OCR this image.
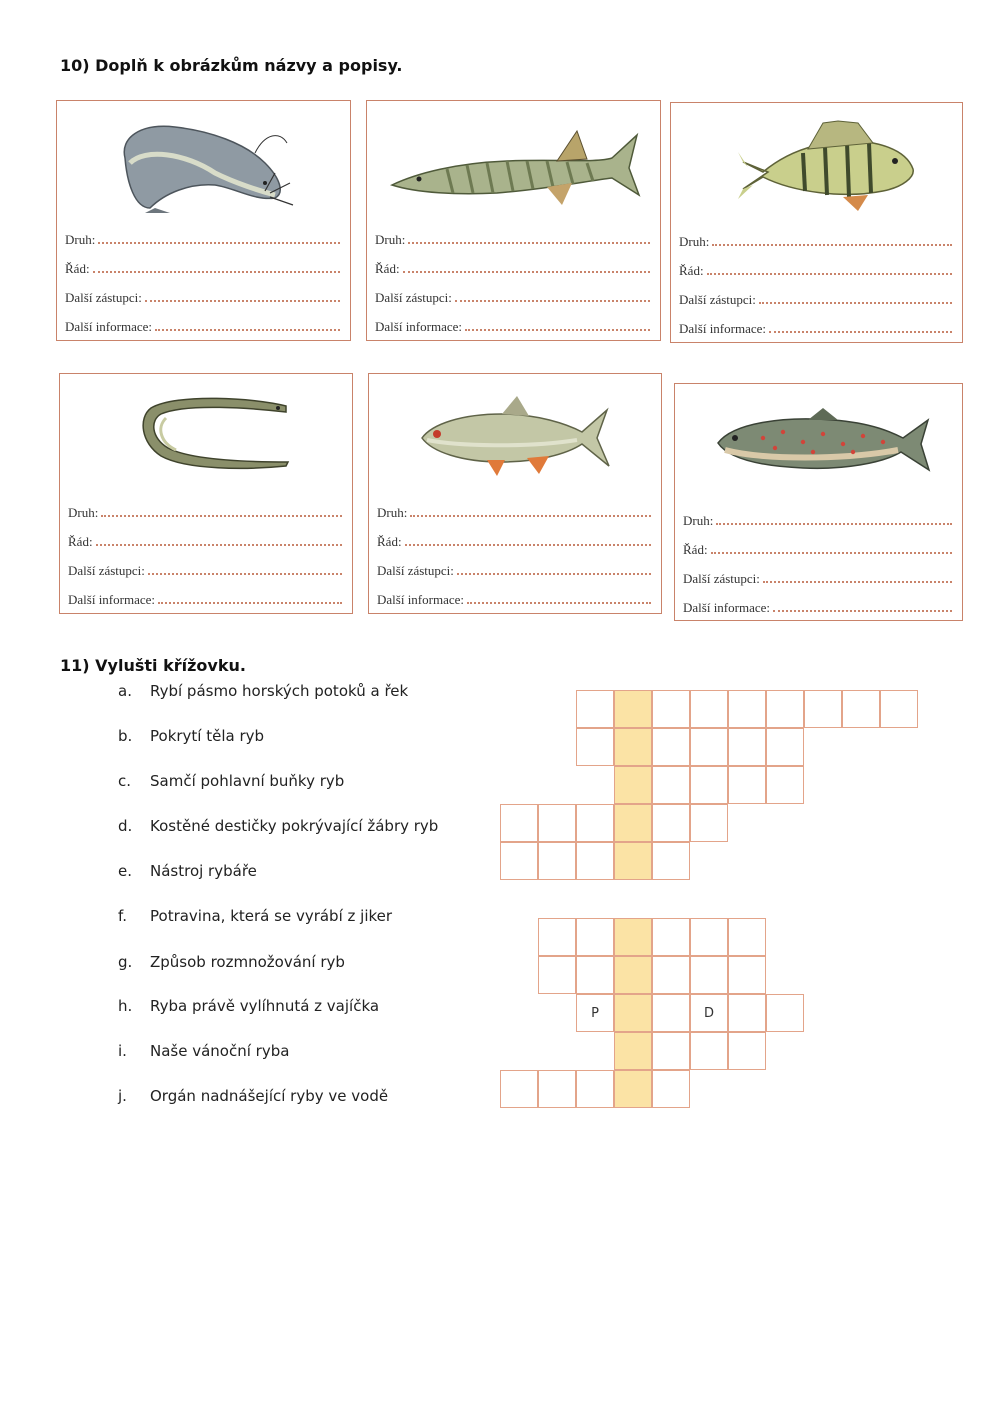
10) Doplň k obrázkům názvy a popisy.
Druh:
Řád:
Další zástupci:
Další informace:
Druh:
Řád:
Další zástupci:
Další informace:
Druh:
Řád:
Další zástupci:
Další informace:
Druh:
Řád:
Další zástupci:
Další informace:
Druh:
Řád:
Další zástupci:
Další informace:
Druh:
Řád:
Další zástupci:
Další informace:
11) Vylušti křížovku.
a. Rybí pásmo horských potoků a řek
b. Pokrytí těla ryb
c. Samčí pohlavní buňky ryb
d. Kostěné destičky pokrývající žábry ryb
e. Nástroj rybáře
f. Potravina, která se vyrábí z jiker
g. Způsob rozmnožování ryb
h. Ryba právě vylíhnutá z vajíčka
i. Naše vánoční ryba
j. Orgán nadnášející ryby ve vodě
P	D
